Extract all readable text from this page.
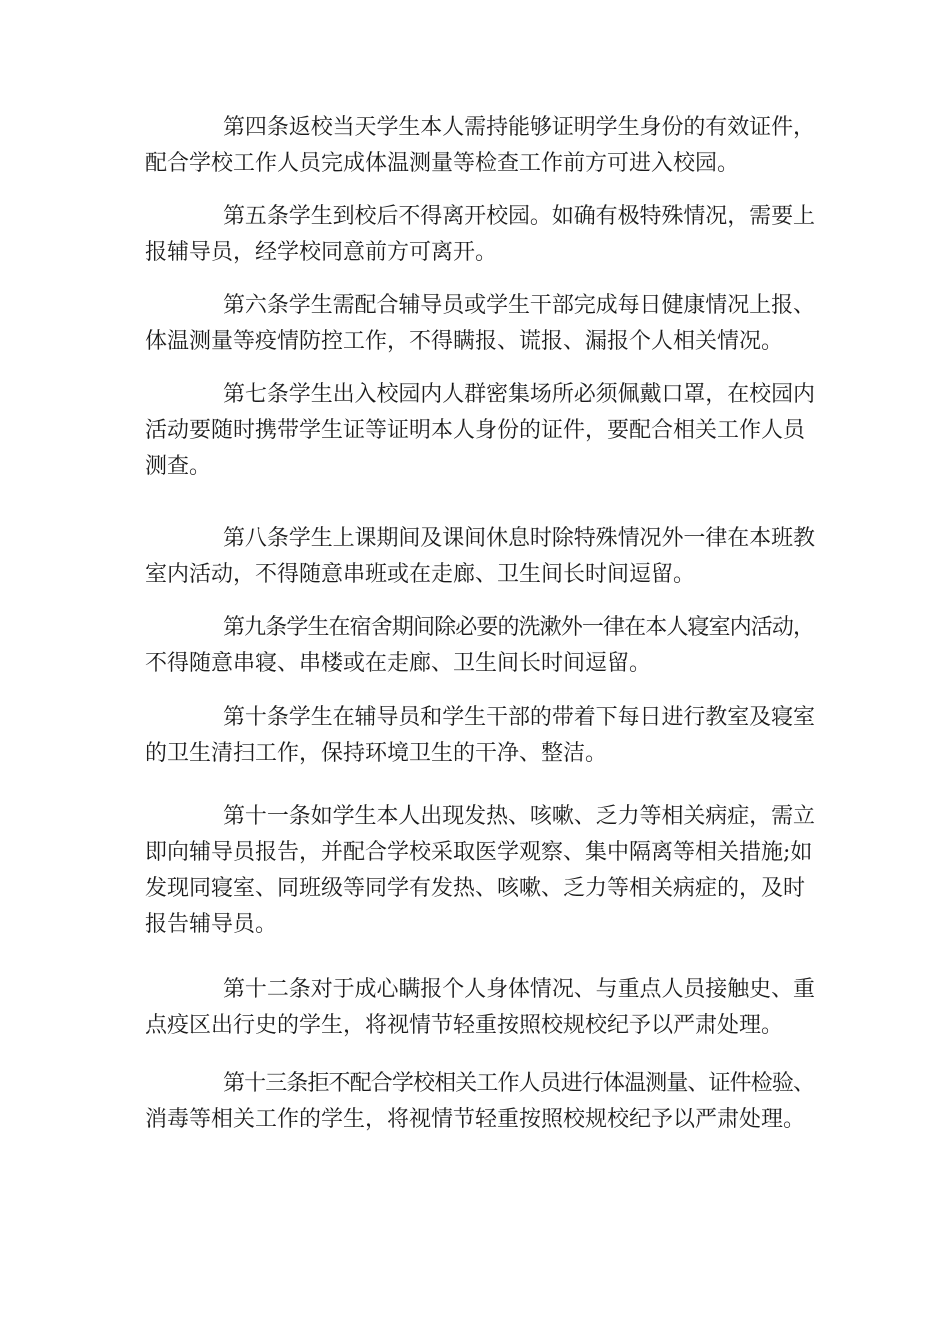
第四条返校当天学生本人需持能够证明学生身份的有效证件，
配合学校工作人员完成体温测量等检查工作前方可进入校园。
第五条学生到校后不得离开校园。如确有极特殊情况，需要上
报辅导员，经学校同意前方可离开。
第六条学生需配合辅导员或学生干部完成每日健康情况上报、
体温测量等疫情防控工作，不得瞒报、谎报、漏报个人相关情况。
第七条学生出入校园内人群密集场所必须佩戴口罩，在校园内
活动要随时携带学生证等证明本人身份的证件，要配合相关工作人员
测查。
第八条学生上课期间及课间休息时除特殊情况外一律在本班教
室内活动，不得随意串班或在走廊、卫生间长时间逗留。
第九条学生在宿舍期间除必要的洗漱外一律在本人寝室内活动，
不得随意串寝、串楼或在走廊、卫生间长时间逗留。
第十条学生在辅导员和学生干部的带着下每日进行教室及寝室
的卫生清扫工作，保持环境卫生的干净、整洁。
第十一条如学生本人出现发热、咳嗽、乏力等相关病症，需立
即向辅导员报告，并配合学校采取医学观察、集中隔离等相关措施;如
发现同寝室、同班级等同学有发热、咳嗽、乏力等相关病症的，及时
报告辅导员。
第十二条对于成心瞒报个人身体情况、与重点人员接触史、重
点疫区出行史的学生，将视情节轻重按照校规校纪予以严肃处理。
第十三条拒不配合学校相关工作人员进行体温测量、证件检验、
消毒等相关工作的学生，将视情节轻重按照校规校纪予以严肃处理。
